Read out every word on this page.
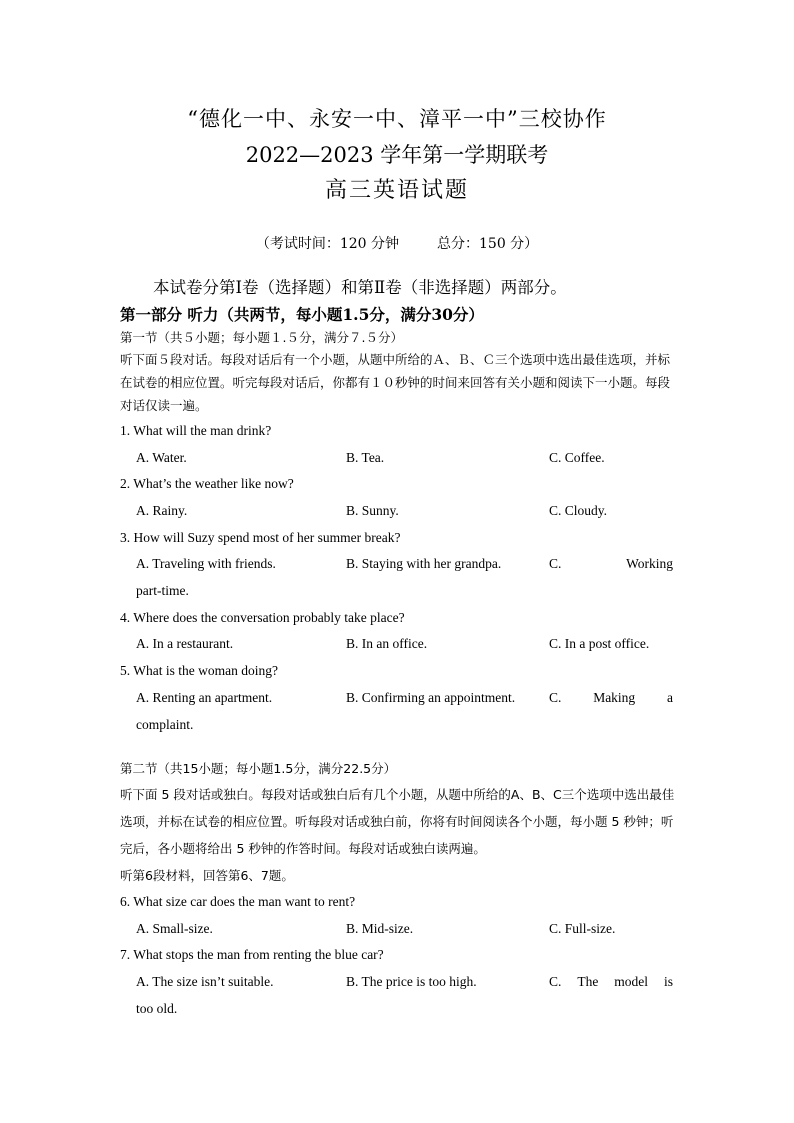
“德化一中、永安一中、漳平一中”三校协作
2022—2023 学年第一学期联考
高三英语试题
（考试时间：120 分钟	总分：150 分）
本试卷分第Ⅰ卷（选择题）和第Ⅱ卷（非选择题）两部分。
第一部分 听力（共两节，每小题1.5分，满分30分）
第一节（共５小题；每小题１.５分，满分７.５分）
听下面５段对话。每段对话后有一个小题，从题中所给的Ａ、Ｂ、Ｃ三个选项中选出最佳选项，并标在试卷的相应位置。听完每段对话后，你都有１０秒钟的时间来回答有关小题和阅读下一小题。每段对话仅读一遍。
1. What will the man drink?
A. Water.	B. Tea.	C. Coffee.
2. What’s the weather like now?
A. Rainy.	B. Sunny.	C. Cloudy.
3. How will Suzy spend most of her summer break?
A. Traveling with friends.	B. Staying with her grandpa.	C.	Working
part-time.
4. Where does the conversation probably take place?
A. In a restaurant.	B. In an office.	C. In a post office.
5. What is the woman doing?
A. Renting an apartment.	B. Confirming an appointment.	C. Making a
complaint.
第二节（共15小题；每小题1.5分，满分22.5分）
听下面 5 段对话或独白。每段对话或独白后有几个小题，从题中所给的A、B、C三个选项中选出最佳选项，并标在试卷的相应位置。听每段对话或独白前，你将有时间阅读各个小题，每小题 5 秒钟；听完后，各小题将给出 5 秒钟的作答时间。每段对话或独白读两遍。
听第6段材料，回答第6、7题。
6. What size car does the man want to rent?
A. Small-size.	B. Mid-size.	C. Full-size.
7. What stops the man from renting the blue car?
A. The size isn’t suitable.	B. The price is too high.	C. The model is
too old.
